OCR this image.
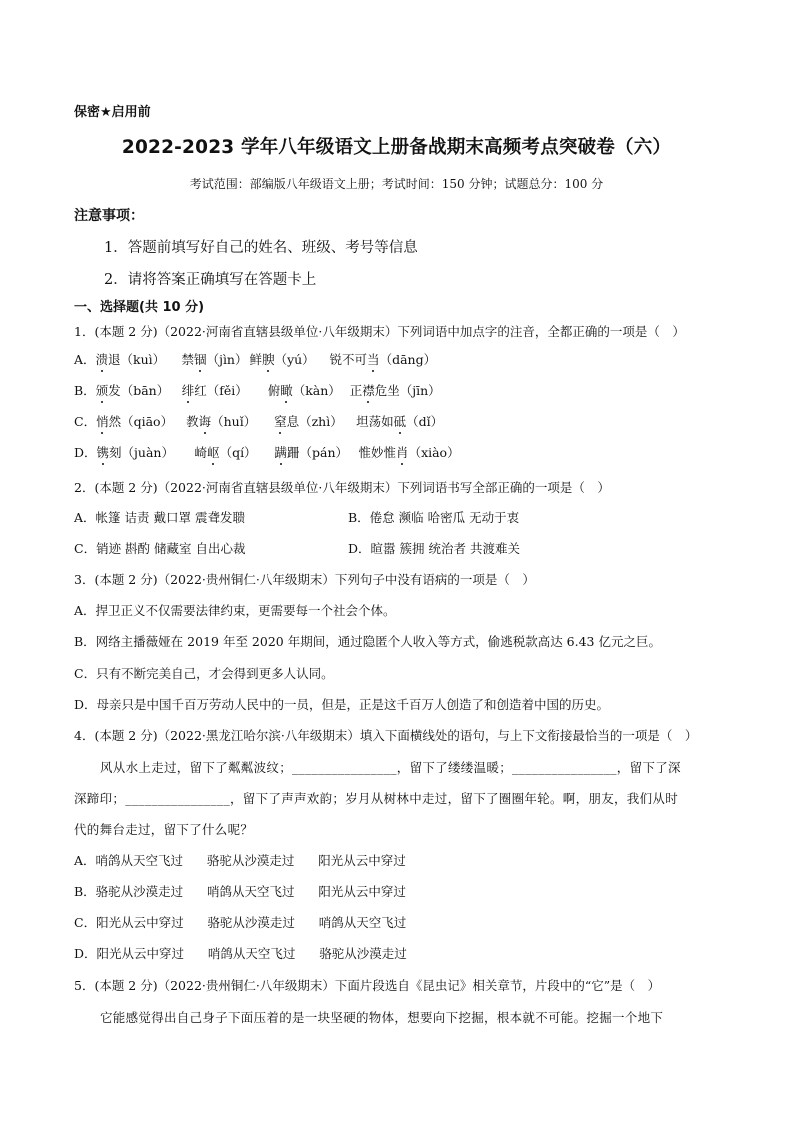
保密★启用前
2022-2023 学年八年级语文上册备战期末高频考点突破卷（六）
考试范围：部编版八年级语文上册；考试时间：150 分钟；试题总分：100 分
注意事项：
1．答题前填写好自己的姓名、班级、考号等信息
2．请将答案正确填写在答题卡上
一、选择题(共 10 分)
1．(本题 2 分)（2022·河南省直辖县级单位·八年级期末）下列词语中加点字的注音，全都正确的一项是（　）
A．溃退（kuì） 禁锢（jìn） 鲜腴（yú） 锐不可当（dāng）
B．颁发（bān） 绯红（fěi） 俯瞰（kàn） 正襟危坐（jīn）
C．悄然（qiāo） 教诲（huǐ） 窒息（zhì） 坦荡如砥（dǐ）
D．镌刻（juàn） 崎岖（qí） 蹒跚（pán） 惟妙惟肖（xiào）
2．(本题 2 分)（2022·河南省直辖县级单位·八年级期末）下列词语书写全部正确的一项是（　）
A．帐篷 诘责 戴口罩 震聋发聩	B．倦怠 濒临 哈密瓜 无动于衷
C．销迹 斟酌 储藏室 自出心裁	D．暄嚣 簇拥 统治者 共渡难关
3．(本题 2 分)（2022·贵州铜仁·八年级期末）下列句子中没有语病的一项是（　）
A．捍卫正义不仅需要法律约束，更需要每一个社会个体。
B．网络主播薇娅在 2019 年至 2020 年期间，通过隐匿个人收入等方式，偷逃税款高达 6.43 亿元之巨。
C．只有不断完美自己，才会得到更多人认同。
D．母亲只是中国千百万劳动人民中的一员，但是，正是这千百万人创造了和创造着中国的历史。
4．(本题 2 分)（2022·黑龙江哈尔滨·八年级期末）填入下面横线处的语句，与上下文衔接最恰当的一项是（　）
风从水上走过，留下了粼粼波纹；________________，留下了缕缕温暖；________________，留下了深
深蹄印；________________，留下了声声欢韵；岁月从树林中走过，留下了圈圈年轮。啊，朋友，我们从时
代的舞台走过，留下了什么呢？
A．哨鸽从天空飞过      骆驼从沙漠走过      阳光从云中穿过
B．骆驼从沙漠走过      哨鸽从天空飞过      阳光从云中穿过
C．阳光从云中穿过      骆驼从沙漠走过      哨鸽从天空飞过
D．阳光从云中穿过      哨鸽从天空飞过      骆驼从沙漠走过
5．(本题 2 分)（2022·贵州铜仁·八年级期末）下面片段选自《昆虫记》相关章节，片段中的“它”是（　）
它能感觉得出自己身子下面压着的是一块坚硬的物体，想要向下挖掘，根本就不可能。挖掘一个地下
